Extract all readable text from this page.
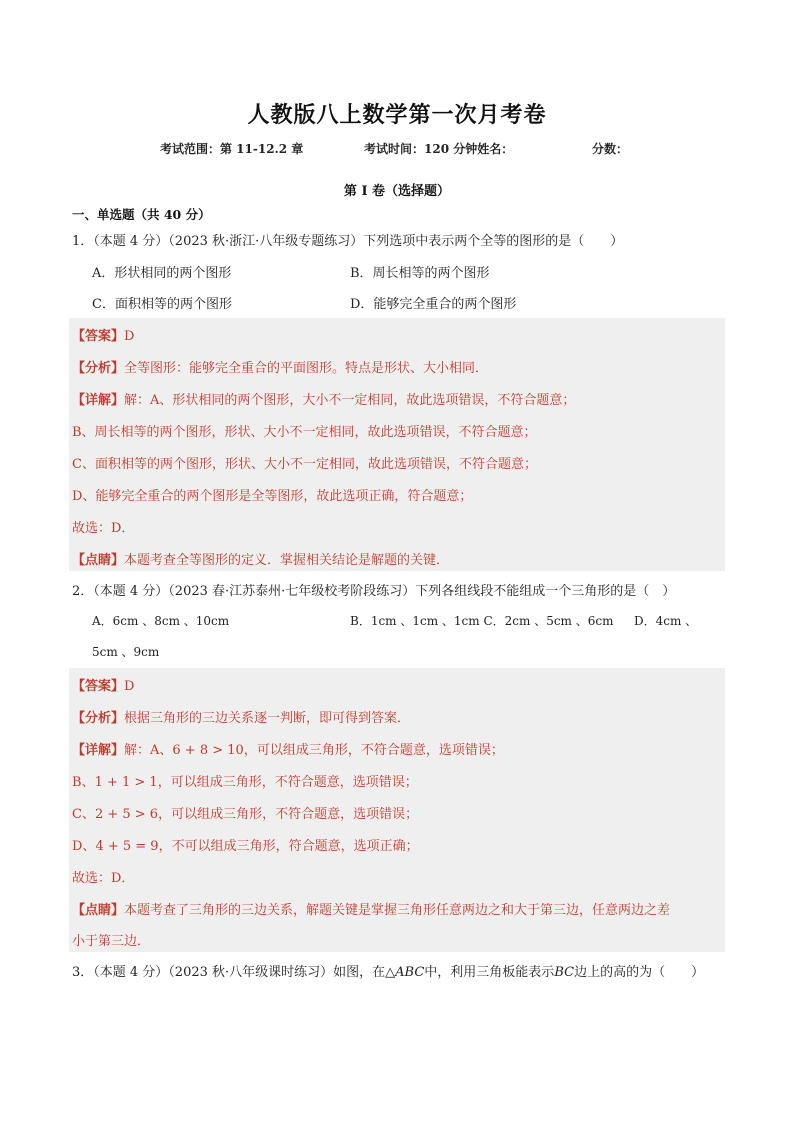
人教版八上数学第一次月考卷
考试范围：第 11-12.2 章	考试时间：120 分钟姓名：	分数：
第 I 卷（选择题）
一、单选题（共 40 分）
1．（本题 4 分）（2023 秋·浙江·八年级专题练习）下列选项中表示两个全等的图形的是（　　）
A．形状相同的两个图形	B．周长相等的两个图形
C．面积相等的两个图形	D．能够完全重合的两个图形
【答案】D
【分析】全等图形：能够完全重合的平面图形。特点是形状、大小相同．
【详解】解：A、形状相同的两个图形，大小不一定相同，故此选项错误，不符合题意；
B、周长相等的两个图形，形状、大小不一定相同，故此选项错误，不符合题意；
C、面积相等的两个图形，形状、大小不一定相同，故此选项错误，不符合题意；
D、能够完全重合的两个图形是全等图形，故此选项正确，符合题意；
故选：D．
【点睛】本题考查全等图形的定义．掌握相关结论是解题的关键．
2．（本题 4 分）（2023 春·江苏泰州·七年级校考阶段练习）下列各组线段不能组成一个三角形的是（　）
A．6cm 、8cm 、10cm	B．1cm 、1cm 、1cm C．2cm 、5cm 、6cm D．4cm 、
5cm 、9cm
【答案】D
【分析】根据三角形的三边关系逐一判断，即可得到答案．
【详解】解：A、6 + 8 > 10，可以组成三角形，不符合题意，选项错误；
B、1 + 1 > 1，可以组成三角形，不符合题意，选项错误；
C、2 + 5 > 6，可以组成三角形，不符合题意，选项错误；
D、4 + 5 = 9，不可以组成三角形，符合题意，选项正确；
故选：D．
【点睛】本题考查了三角形的三边关系，解题关键是掌握三角形任意两边之和大于第三边，任意两边之差
小于第三边．
3．（本题 4 分）（2023 秋·八年级课时练习）如图，在△ABC中，利用三角板能表示BC边上的高的为（　　）
